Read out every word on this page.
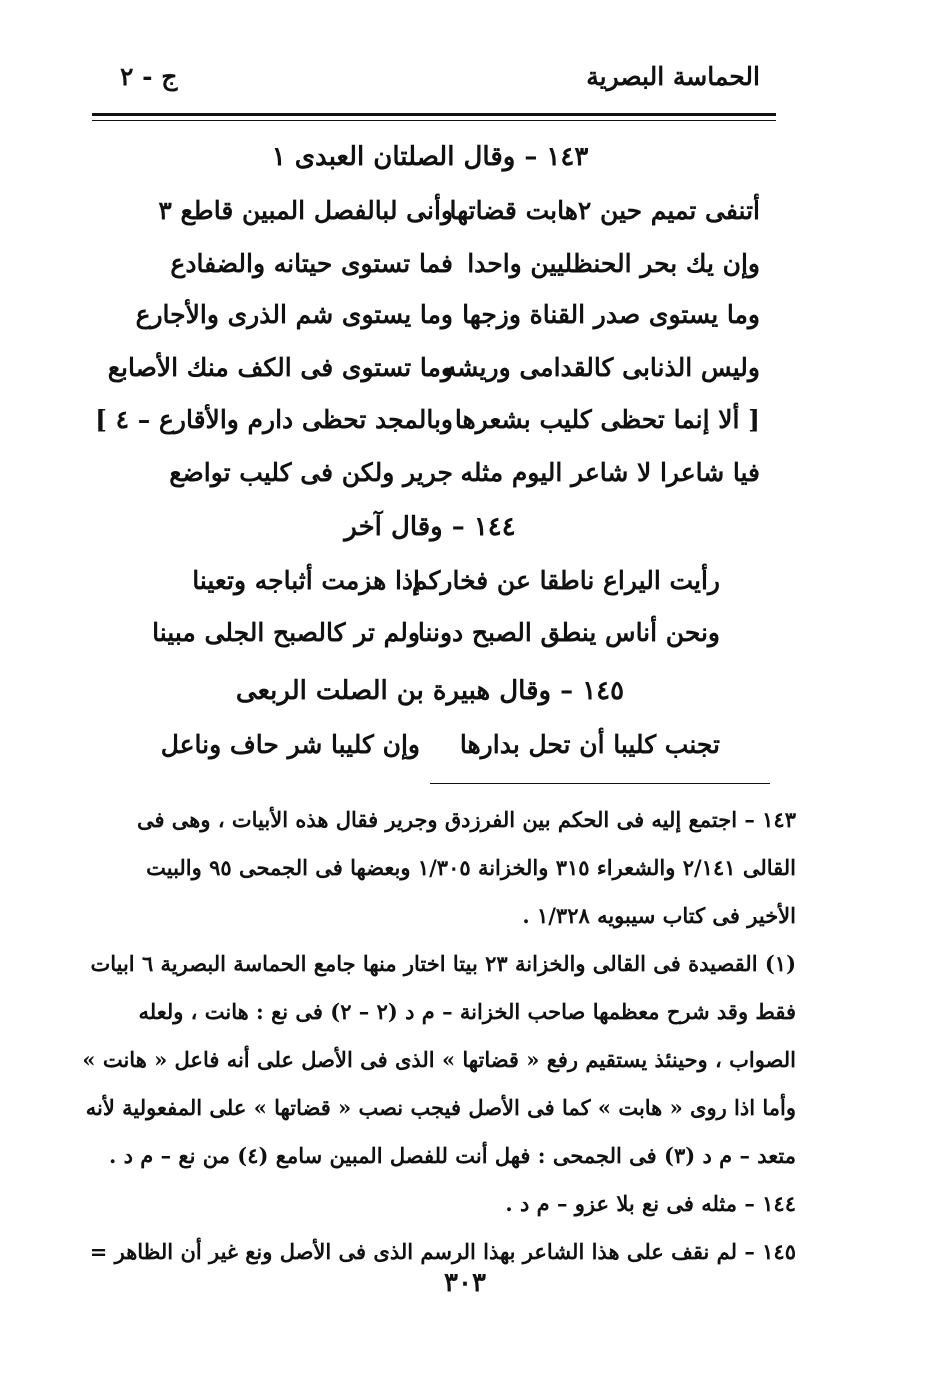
الحماسة البصرية
ج - ٢
١٤٣ – وقال الصلتان العبدى ١
أتنفى تميم حين ٢هابت قضاتها
وأنى لبالفصل المبين قاطع ٣
وإن يك بحر الحنظليين واحدا
فما تستوى حيتانه والضفادع
وما يستوى صدر القناة وزجها
وما يستوى شم الذرى والأجارع
وليس الذنابى كالقدامى وريشه
وما تستوى فى الكف منك الأصابع
[ ألا إنما تحظى كليب بشعرها
وبالمجد تحظى دارم والأقارع – ٤ ]
فيا شاعرا لا شاعر اليوم مثله
جرير ولكن فى كليب تواضع
١٤٤ – وقال آخر
رأيت اليراع ناطقا عن فخاركم
إذا هزمت أثباجه وتعينا
ونحن أناس ينطق الصبح دوننا
ولم تر كالصبح الجلى مبينا
١٤٥ – وقال هبيرة بن الصلت الربعى
تجنب كليبا أن تحل بدارها
وإن كليبا شر حاف وناعل
١٤٣ – اجتمع إليه فى الحكم بين الفرزدق وجرير فقال هذه الأبيات ، وهى فى
القالى ٢/١٤١ والشعراء ٣١٥ والخزانة ١/٣٠٥ وبعضها فى الجمحى ٩٥ والبيت
الأخير فى كتاب سيبويه ١/٣٢٨ .
(١) القصيدة فى القالى والخزانة ٢٣ بيتا اختار منها جامع الحماسة البصرية ٦ ابيات
فقط وقد شرح معظمها صاحب الخزانة – م د (٢ – ٢) فى نع : هانت ، ولعله
الصواب ، وحينئذ يستقيم رفع « قضاتها » الذى فى الأصل على أنه فاعل « هانت »
وأما اذا روى « هابت » كما فى الأصل فيجب نصب « قضاتها » على المفعولية لأنه
متعد – م د (٣) فى الجمحى : فهل أنت للفصل المبين سامع (٤) من نع – م د .
١٤٤ – مثله فى نع بلا عزو – م د .
١٤٥ – لم نقف على هذا الشاعر بهذا الرسم الذى فى الأصل ونع غير أن الظاهر =
٣٠٣
